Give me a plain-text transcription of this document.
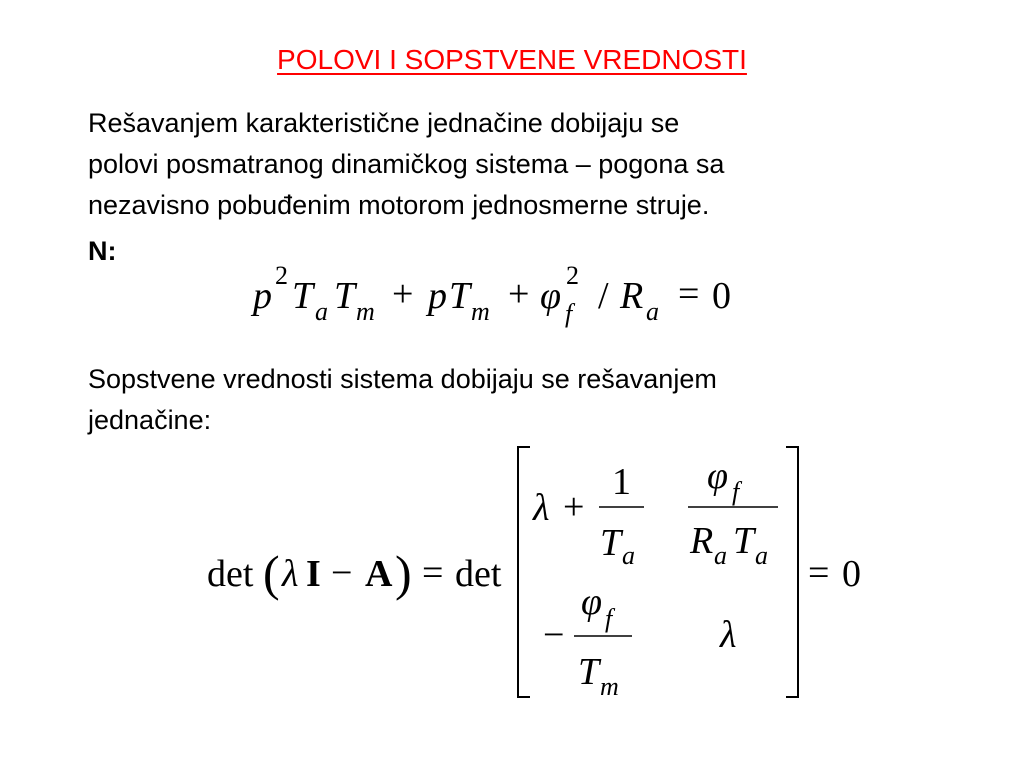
POLOVI I SOPSTVENE VREDNOSTI

Rešavanjem karakteristične jednačine dobijaju se
polovi posmatranog dinamičkog sistema – pogona sa
nezavisno pobuđenim motorom jednosmerne struje.

N:

p 2 T a T m + p T m + φ 2
f / R a = 0

Sopstvene vrednosti sistema dobijaju se rešavanjem
jednačine:

det ( λ I − A ) = det
λ +
1
T a
φ f
R a T a = 0
−
φ f
T m
λ
